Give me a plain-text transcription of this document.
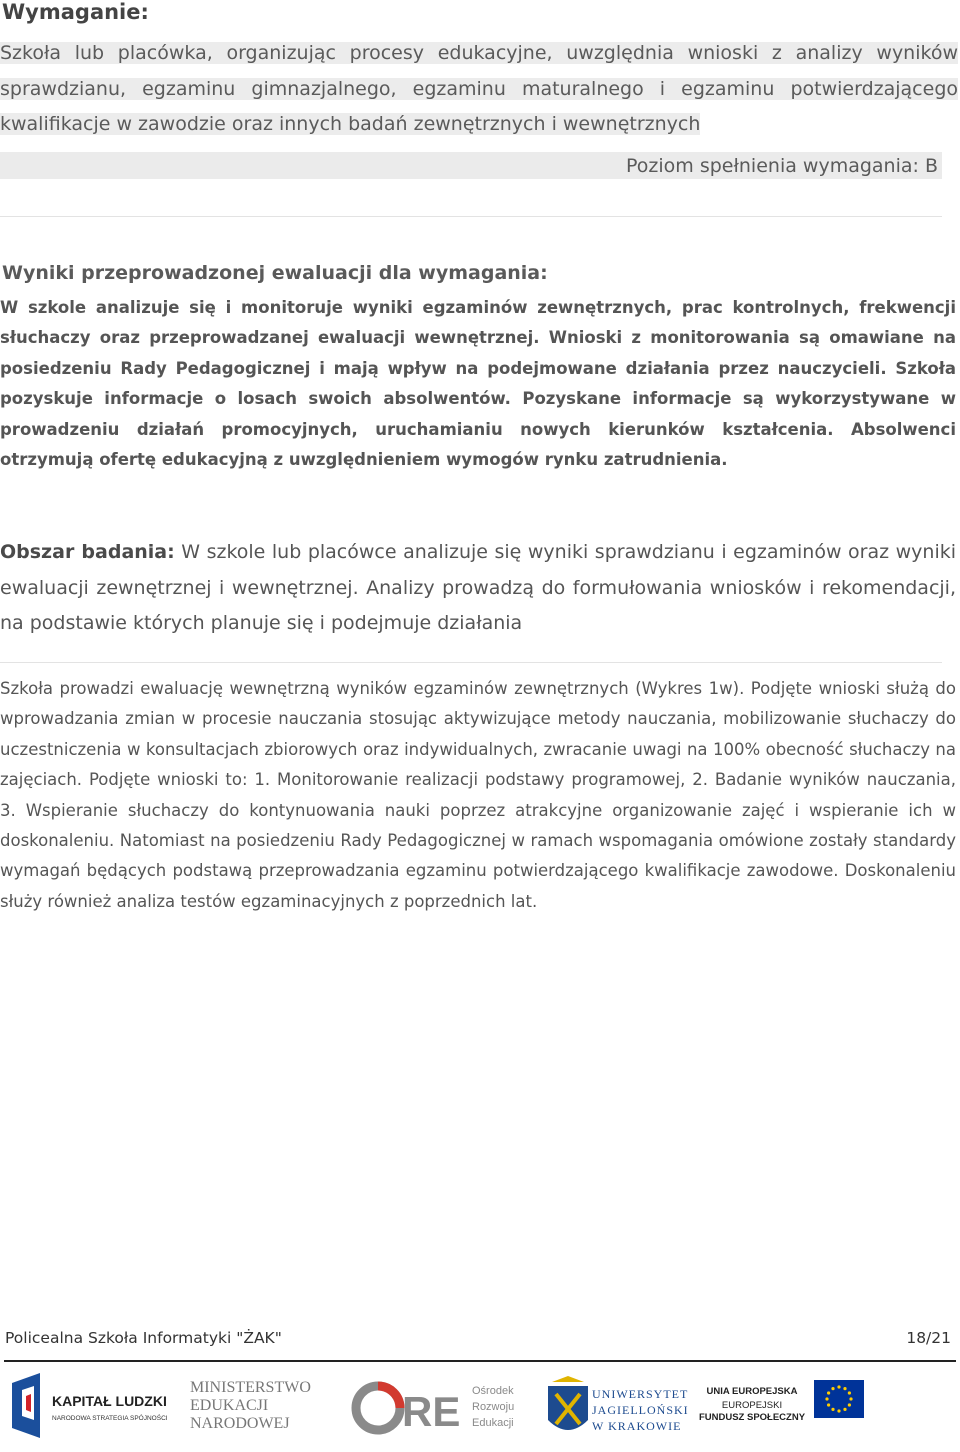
Wymaganie:
Szkoła lub placówka, organizując procesy edukacyjne, uwzględnia wnioski z analizy wyników sprawdzianu, egzaminu gimnazjalnego, egzaminu maturalnego i egzaminu potwierdzającego kwalifikacje w zawodzie oraz innych badań zewnętrznych i wewnętrznych
Poziom spełnienia wymagania: B
Wyniki przeprowadzonej ewaluacji dla wymagania:
W szkole analizuje się i monitoruje wyniki egzaminów zewnętrznych, prac kontrolnych, frekwencji słuchaczy oraz przeprowadzanej ewaluacji wewnętrznej. Wnioski z monitorowania są omawiane na posiedzeniu Rady Pedagogicznej i mają wpływ na podejmowane działania przez nauczycieli. Szkoła pozyskuje informacje o losach swoich absolwentów. Pozyskane informacje są wykorzystywane w prowadzeniu działań promocyjnych, uruchamianiu nowych kierunków kształcenia. Absolwenci otrzymują ofertę edukacyjną z uwzględnieniem wymogów rynku zatrudnienia.
Obszar badania: W szkole lub placówce analizuje się wyniki sprawdzianu i egzaminów oraz wyniki ewaluacji zewnętrznej i wewnętrznej. Analizy prowadzą do formułowania wniosków i rekomendacji, na podstawie których planuje się i podejmuje działania
Szkoła prowadzi ewaluację wewnętrzną wyników egzaminów zewnętrznych (Wykres 1w). Podjęte wnioski służą do wprowadzania zmian w procesie nauczania stosując aktywizujące metody nauczania, mobilizowanie słuchaczy do uczestniczenia w konsultacjach zbiorowych oraz indywidualnych, zwracanie uwagi na 100% obecność słuchaczy na zajęciach. Podjęte wnioski to: 1. Monitorowanie realizacji podstawy programowej, 2. Badanie wyników nauczania, 3. Wspieranie słuchaczy do kontynuowania nauki poprzez atrakcyjne organizowanie zajęć i wspieranie ich w doskonaleniu. Natomiast na posiedzeniu Rady Pedagogicznej w ramach wspomagania omówione zostały standardy wymagań będących podstawą przeprowadzania egzaminu potwierdzającego kwalifikacje zawodowe. Doskonaleniu służy również analiza testów egzaminacyjnych z poprzednich lat.
Policealna Szkoła Informatyki "ŻAK"	18/21
KAPITAŁ LUDZKI
NARODOWA STRATEGIA SPÓJNOŚCI
MINISTERSTWO
EDUKACJI
NARODOWEJ	RE Ośrodek
Rozwoju
Edukacji
UNIWERSYTET
JAGIELLOŃSKI
W KRAKOWIE
UNIA EUROPEJSKA
EUROPEJSKI
FUNDUSZ SPOŁECZNY
